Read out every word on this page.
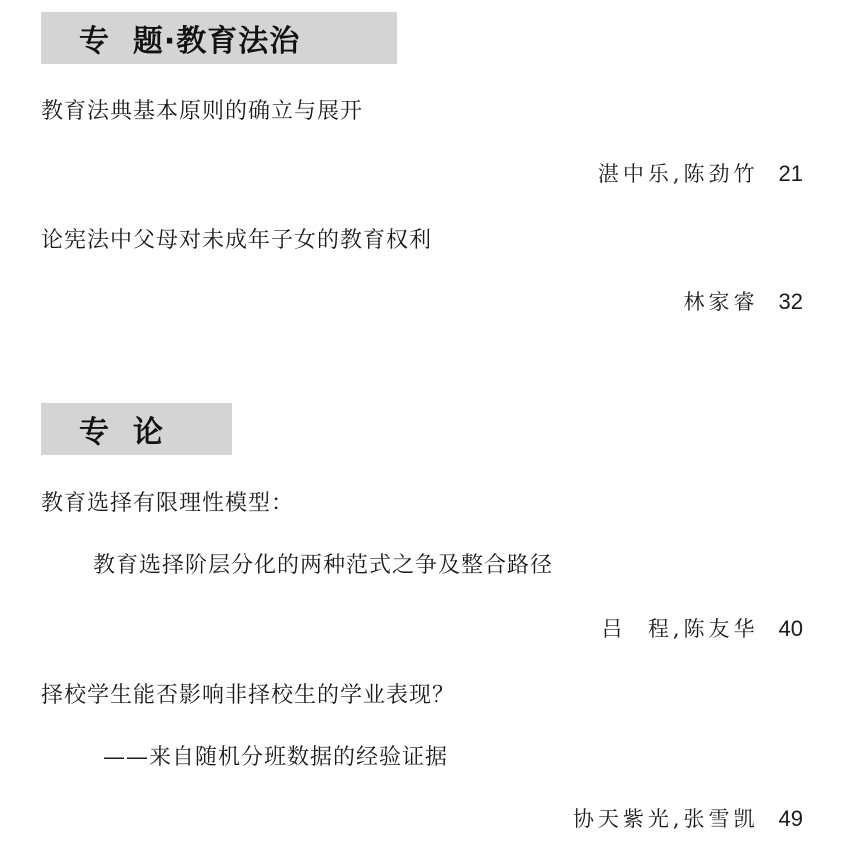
专  题·教育法治
教育法典基本原则的确立与展开
湛中乐,陈劲竹 21
论宪法中父母对未成年子女的教育权利
林家睿 32
专  论
教育选择有限理性模型：
教育选择阶层分化的两种范式之争及整合路径
吕  程,陈友华 40
择校学生能否影响非择校生的学业表现？
——来自随机分班数据的经验证据
协天紫光,张雪凯 49
